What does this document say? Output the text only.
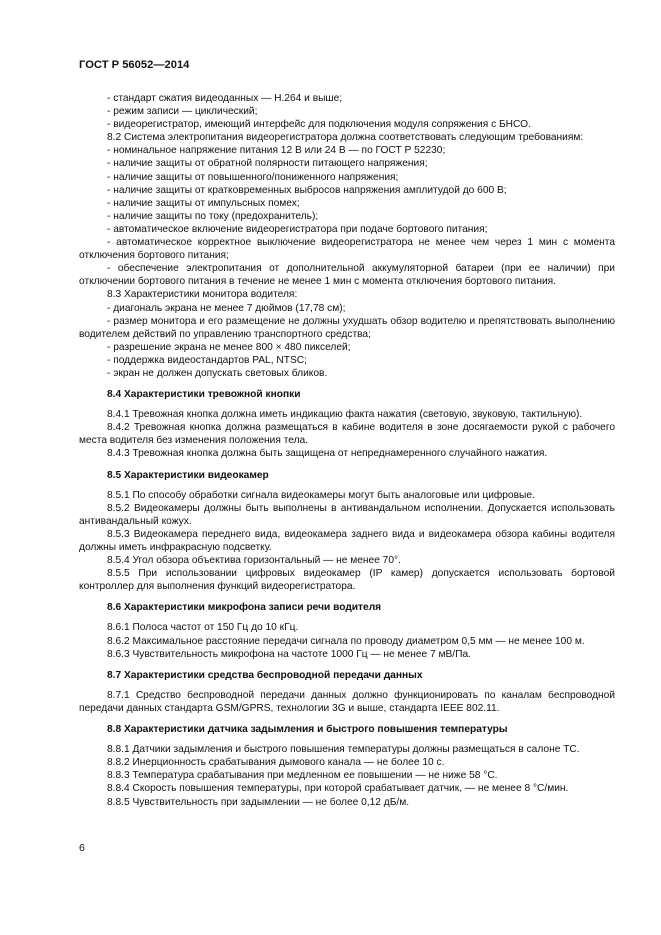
ГОСТ Р 56052—2014

- стандарт сжатия видеоданных — Н.264 и выше;

- режим записи — циклический;

- видеорегистратор, имеющий интерфейс для подключения модуля сопряжения с БНСО.

8.2 Система электропитания видеорегистратора должна соответствовать следующим требованиям:

- номинальное напряжение питания 12 В или 24 В — по ГОСТ Р 52230;

- наличие защиты от обратной полярности питающего напряжения;

- наличие защиты от повышенного/пониженного напряжения;

- наличие защиты от кратковременных выбросов напряжения амплитудой до 600 В;

- наличие защиты от импульсных помех;

- наличие защиты по току (предохранитель);

- автоматическое включение видеорегистратора при подаче бортового питания;

- автоматическое корректное выключение видеорегистратора не менее чем через 1 мин с момента отключения бортового питания;

- обеспечение электропитания от дополнительной аккумуляторной батареи (при ее наличии) при отключении бортового питания в течение не менее 1 мин с момента отключения бортового питания.

8.3 Характеристики монитора водителя:

- диагональ экрана не менее 7 дюймов (17,78 см);

- размер монитора и его размещение не должны ухудшать обзор водителю и препятствовать выполнению водителем действий по управлению транспортного средства;

- разрешение экрана не менее 800 × 480 пикселей;

- поддержка видеостандартов PAL, NTSC;

- экран не должен допускать световых бликов.

8.4 Характеристики тревожной кнопки

8.4.1 Тревожная кнопка должна иметь индикацию факта нажатия (световую, звуковую, тактильную).

8.4.2 Тревожная кнопка должна размещаться в кабине водителя в зоне досягаемости рукой с рабочего места водителя без изменения положения тела.

8.4.3 Тревожная кнопка должна быть защищена от непреднамеренного случайного нажатия.

8.5 Характеристики видеокамер

8.5.1 По способу обработки сигнала видеокамеры могут быть аналоговые или цифровые.

8.5.2 Видеокамеры должны быть выполнены в антивандальном исполнении. Допускается использовать антивандальный кожух.

8.5.3 Видеокамера переднего вида, видеокамера заднего вида и видеокамера обзора кабины водителя должны иметь инфракрасную подсветку.

8.5.4 Угол обзора объектива горизонтальный — не менее 70°.

8.5.5 При использовании цифровых видеокамер (IP камер) допускается использовать бортовой контроллер для выполнения функций видеорегистратора.

8.6 Характеристики микрофона записи речи водителя

8.6.1 Полоса частот от 150 Гц до 10 кГц.

8.6.2 Максимальное расстояние передачи сигнала по проводу диаметром 0,5 мм — не менее 100 м.

8.6.3 Чувствительность микрофона на частоте 1000 Гц — не менее 7 мВ/Па.

8.7 Характеристики средства беспроводной передачи данных

8.7.1 Средство беспроводной передачи данных должно функционировать по каналам беспроводной передачи данных стандарта GSM/GPRS, технологии 3G и выше, стандарта IEEE 802.11.

8.8 Характеристики датчика задымления и быстрого повышения температуры

8.8.1 Датчики задымления и быстрого повышения температуры должны размещаться в салоне ТС.

8.8.2 Инерционность срабатывания дымового канала — не более 10 с.

8.8.3 Температура срабатывания при медленном ее повышении — не ниже 58 °С.

8.8.4 Скорость повышения температуры, при которой срабатывает датчик, — не менее 8 °С/мин.

8.8.5 Чувствительность при задымлении — не более 0,12 дБ/м.

6
